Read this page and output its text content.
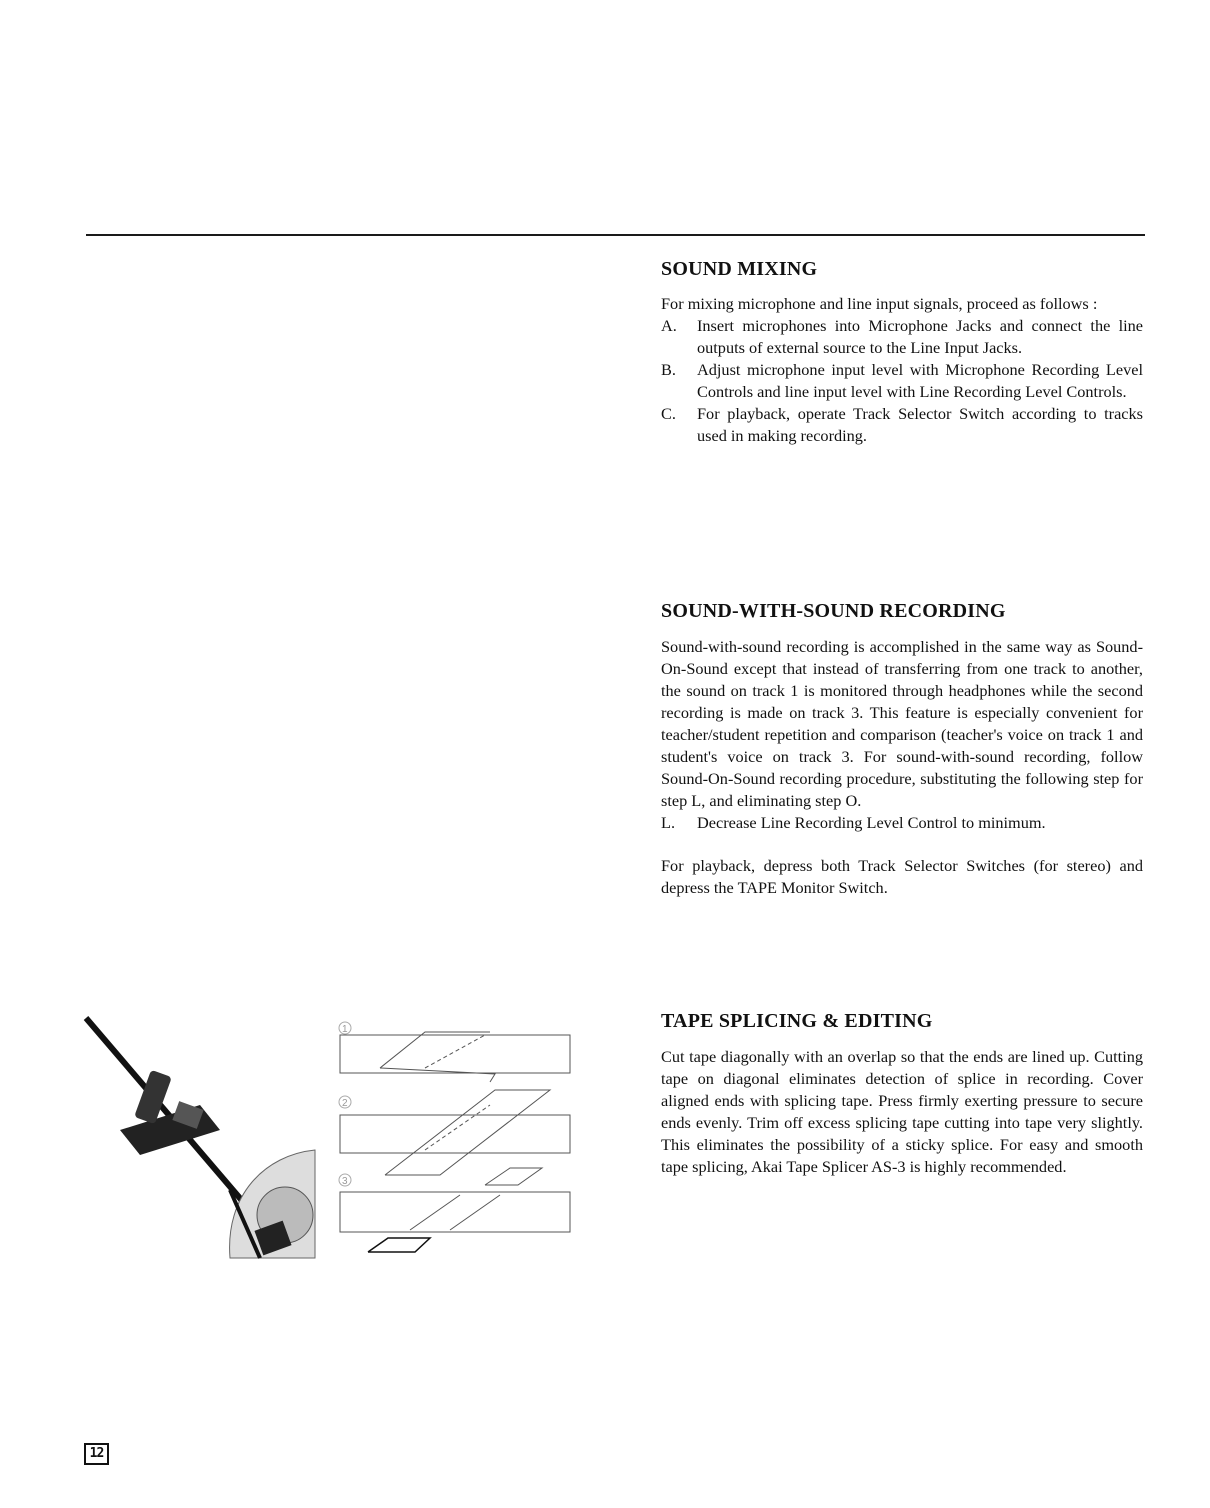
SOUND MIXING

For mixing microphone and line input signals, proceed as follows :

A. Insert microphones into Microphone Jacks and connect the line outputs of external source to the Line Input Jacks.
B. Adjust microphone input level with Microphone Recording Level Controls and line input level with Line Recording Level Controls.
C. For playback, operate Track Selector Switch according to tracks used in making recording.
SOUND-WITH-SOUND RECORDING

Sound-with-sound recording is accomplished in the same way as Sound-On-Sound except that instead of transferring from one track to another, the sound on track 1 is monitored through headphones while the second recording is made on track 3. This feature is especially convenient for teacher/student repetition and comparison (teacher's voice on track 1 and student's voice on track 3. For sound-with-sound recording, follow Sound-On-Sound recording procedure, substituting the following step for step L, and eliminating step O.

L. Decrease Line Recording Level Control to minimum.

For playback, depress both Track Selector Switches (for stereo) and depress the TAPE Monitor Switch.

TAPE SPLICING & EDITING

Cut tape diagonally with an overlap so that the ends are lined up. Cutting tape on diagonal eliminates detection of splice in recording. Cover aligned ends with splicing tape. Press firmly exerting pressure to secure ends evenly. Trim off excess splicing tape cutting into tape very slightly. This eliminates the possibility of a sticky splice. For easy and smooth tape splicing, Akai Tape Splicer AS-3 is highly recommended.

1
2
3
12
